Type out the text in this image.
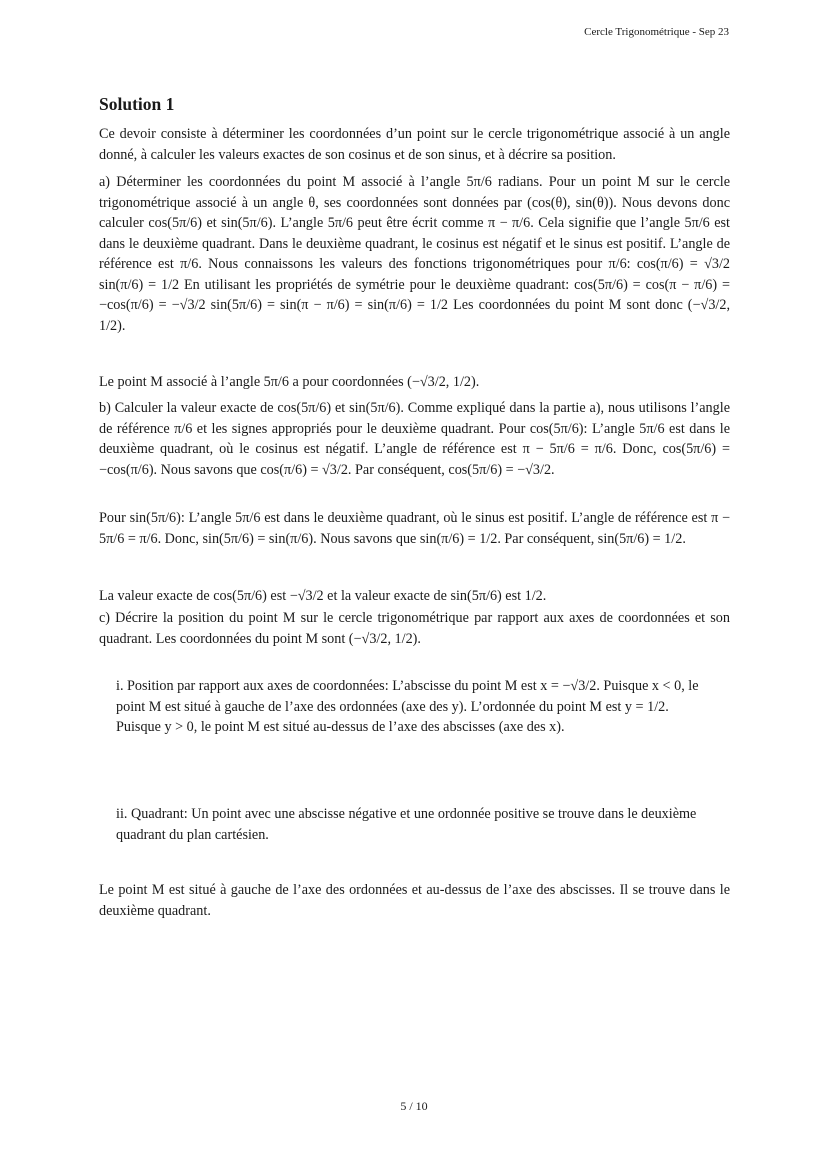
Cercle Trigonométrique - Sep 23
Solution 1

Ce devoir consiste à déterminer les coordonnées d’un point sur le cercle trigonométrique associé à un angle donné, à calculer les valeurs exactes de son cosinus et de son sinus, et à décrire sa position.

a) Déterminer les coordonnées du point M associé à l’angle 5π/6 radians. Pour un point M sur le cercle trigonométrique associé à un angle θ, ses coordonnées sont données par (cos(θ), sin(θ)). Nous devons donc calculer cos(5π/6) et sin(5π/6). L’angle 5π/6 peut être écrit comme π − π/6. Cela signifie que l’angle 5π/6 est dans le deuxième quadrant. Dans le deuxième quadrant, le cosinus est négatif et le sinus est positif. L’angle de référence est π/6. Nous connaissons les valeurs des fonctions trigonométriques pour π/6: cos(π/6) = √3/2 sin(π/6) = 1/2 En utilisant les propriétés de symétrie pour le deuxième quadrant: cos(5π/6) = cos(π − π/6) = −cos(π/6) = −√3/2 sin(5π/6) = sin(π − π/6) = sin(π/6) = 1/2 Les coordonnées du point M sont donc (−√3/2, 1/2).

Le point M associé à l’angle 5π/6 a pour coordonnées (−√3/2, 1/2).

b) Calculer la valeur exacte de cos(5π/6) et sin(5π/6). Comme expliqué dans la partie a), nous utilisons l’angle de référence π/6 et les signes appropriés pour le deuxième quadrant. Pour cos(5π/6): L’angle 5π/6 est dans le deuxième quadrant, où le cosinus est négatif. L’angle de référence est π − 5π/6 = π/6. Donc, cos(5π/6) = −cos(π/6). Nous savons que cos(π/6) = √3/2. Par conséquent, cos(5π/6) = −√3/2.

Pour sin(5π/6): L’angle 5π/6 est dans le deuxième quadrant, où le sinus est positif. L’angle de référence est π − 5π/6 = π/6. Donc, sin(5π/6) = sin(π/6). Nous savons que sin(π/6) = 1/2. Par conséquent, sin(5π/6) = 1/2.

La valeur exacte de cos(5π/6) est −√3/2 et la valeur exacte de sin(5π/6) est 1/2.

c) Décrire la position du point M sur le cercle trigonométrique par rapport aux axes de coordonnées et son quadrant. Les coordonnées du point M sont (−√3/2, 1/2).

i. Position par rapport aux axes de coordonnées: L’abscisse du point M est x = −√3/2. Puisque x < 0, le point M est situé à gauche de l’axe des ordonnées (axe des y). L’ordonnée du point M est y = 1/2. Puisque y > 0, le point M est situé au-dessus de l’axe des abscisses (axe des x).

ii. Quadrant: Un point avec une abscisse négative et une ordonnée positive se trouve dans le deuxième quadrant du plan cartésien.

Le point M est situé à gauche de l’axe des ordonnées et au-dessus de l’axe des abscisses. Il se trouve dans le deuxième quadrant.

5 / 10
